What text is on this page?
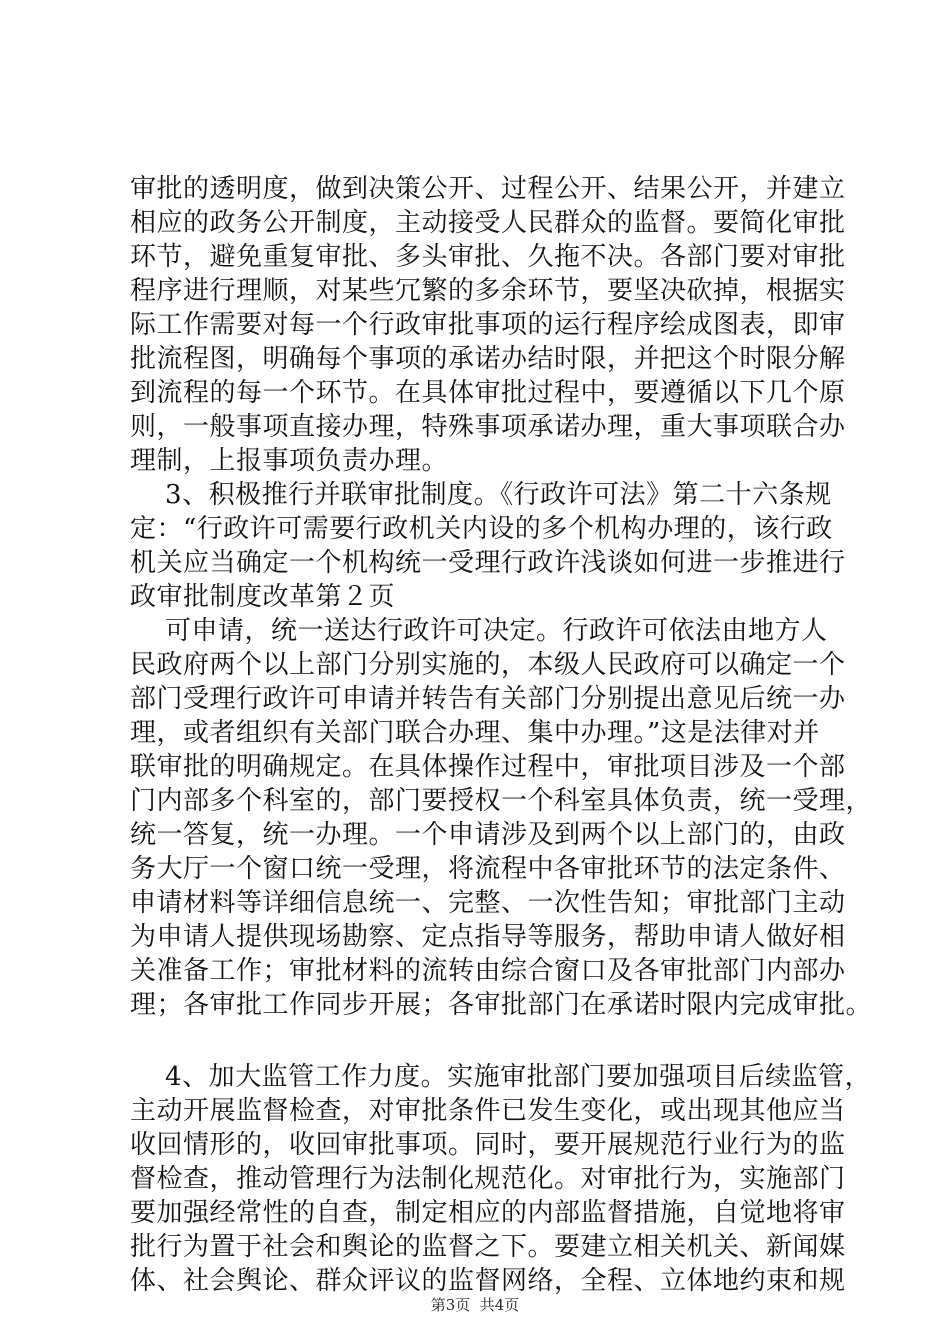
审批的透明度，做到决策公开、过程公开、结果公开，并建立
相应的政务公开制度，主动接受人民群众的监督。要简化审批
环节，避免重复审批、多头审批、久拖不决。各部门要对审批
程序进行理顺，对某些冗繁的多余环节，要坚决砍掉，根据实
际工作需要对每一个行政审批事项的运行程序绘成图表，即审
批流程图，明确每个事项的承诺办结时限，并把这个时限分解
到流程的每一个环节。在具体审批过程中，要遵循以下几个原
则，一般事项直接办理，特殊事项承诺办理，重大事项联合办
理制，上报事项负责办理。
3、积极推行并联审批制度。《行政许可法》第二十六条规
定：“行政许可需要行政机关内设的多个机构办理的，该行政
机关应当确定一个机构统一受理行政许浅谈如何进一步推进行
政审批制度改革第２页
可申请，统一送达行政许可决定。行政许可依法由地方人
民政府两个以上部门分别实施的，本级人民政府可以确定一个
部门受理行政许可申请并转告有关部门分别提出意见后统一办
理，或者组织有关部门联合办理、集中办理。”这是法律对并
联审批的明确规定。在具体操作过程中，审批项目涉及一个部
门内部多个科室的，部门要授权一个科室具体负责，统一受理，
统一答复，统一办理。一个申请涉及到两个以上部门的，由政
务大厅一个窗口统一受理，将流程中各审批环节的法定条件、
申请材料等详细信息统一、完整、一次性告知；审批部门主动
为申请人提供现场勘察、定点指导等服务，帮助申请人做好相
关准备工作；审批材料的流转由综合窗口及各审批部门内部办
理；各审批工作同步开展；各审批部门在承诺时限内完成审批。
4、加大监管工作力度。实施审批部门要加强项目后续监管，
主动开展监督检查，对审批条件已发生变化，或出现其他应当
收回情形的，收回审批事项。同时，要开展规范行业行为的监
督检查，推动管理行为法制化规范化。对审批行为，实施部门
要加强经常性的自查，制定相应的内部监督措施，自觉地将审
批行为置于社会和舆论的监督之下。要建立相关机关、新闻媒
体、社会舆论、群众评议的监督网络，全程、立体地约束和规
第3页  共4页
